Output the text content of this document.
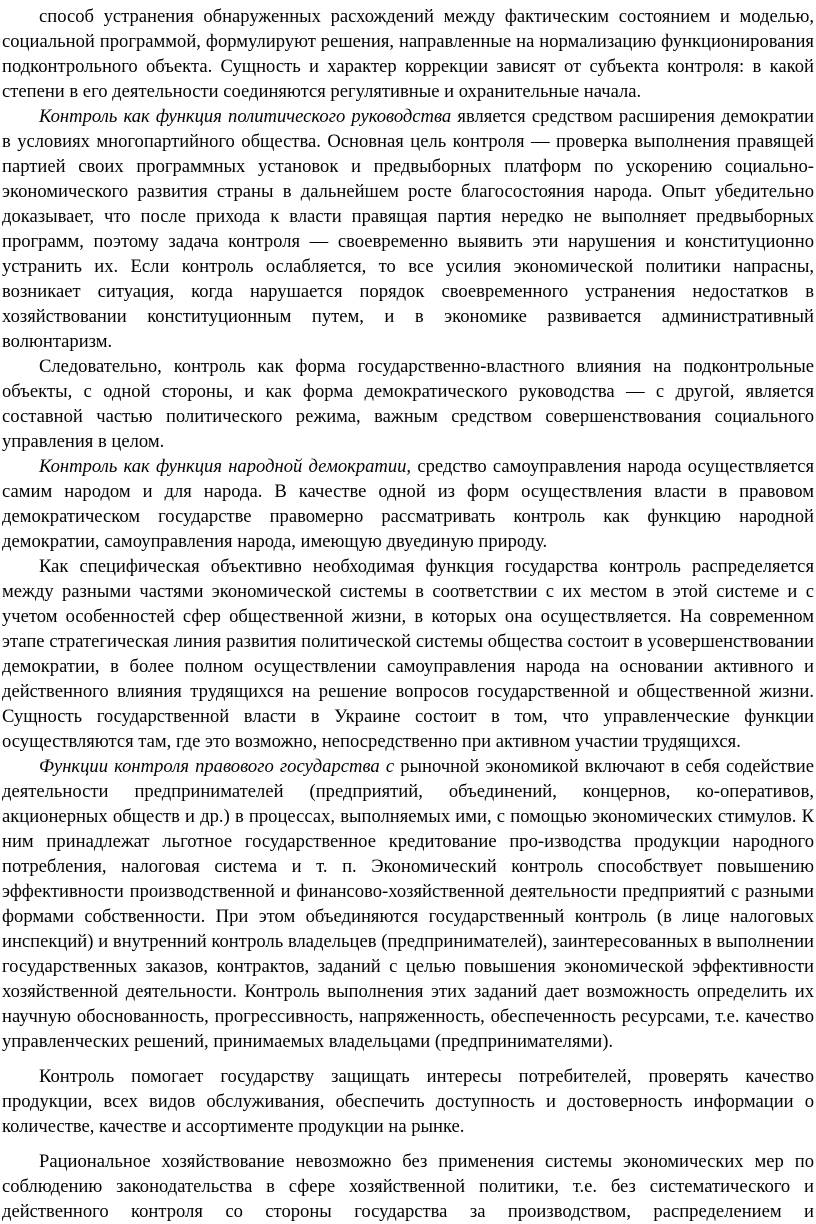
способ устранения обнаруженных расхождений между фактическим состоянием и моделью, социальной программой, формулируют решения, направленные на нормализацию функционирования подконтрольного объекта. Сущность и характер коррекции зависят от субъекта контроля: в какой степени в его деятельности соединяются регулятивные и охранительные начала.

Контроль как функция политического руководства является средством расширения демократии в условиях многопартийного общества. Основная цель контроля — проверка выполнения правящей партией своих программных установок и предвыборных платформ по ускорению социально-экономического развития страны в дальнейшем росте благосостояния народа. Опыт убедительно доказывает, что после прихода к власти правящая партия нередко не выполняет предвыборных программ, поэтому задача контроля — своевременно выявить эти нарушения и конституционно устранить их. Если контроль ослабляется, то все усилия экономической политики напрасны, возникает ситуация, когда нарушается порядок своевременного устранения недостатков в хозяйствовании конституционным путем, и в экономике развивается административный волюнтаризм.

Следовательно, контроль как форма государственно-властного влияния на подконтрольные объекты, с одной стороны, и как форма демократического руководства — с другой, является составной частью политического режима, важным средством совершенствования социального управления в целом.

Контроль как функция народной демократии, средство самоуправления народа осуществляется самим народом и для народа. В качестве одной из форм осуществления власти в правовом демократическом государстве правомерно рассматривать контроль как функцию народной демократии, самоуправления народа, имеющую двуединую природу.

Как специфическая объективно необходимая функция государства контроль распределяется между разными частями экономической системы в соответствии с их местом в этой системе и с учетом особенностей сфер общественной жизни, в которых она осуществляется. На современном этапе стратегическая линия развития политической системы общества состоит в усовершенствовании демократии, в более полном осуществлении самоуправления народа на основании активного и действенного влияния трудящихся на решение вопросов государственной и общественной жизни. Сущность государственной власти в Украине состоит в том, что управленческие функции осуществляются там, где это возможно, непосредственно при активном участии трудящихся.

Функции контроля правового государства с рыночной экономикой включают в себя содействие деятельности предпринимателей (предприятий, объединений, концернов, ко-оперативов, акционерных обществ и др.) в процессах, выполняемых ими, с помощью экономических стимулов. К ним принадлежат льготное государственное кредитование про-изводства продукции народного потребления, налоговая система и т. п. Экономический контроль способствует повышению эффективности производственной и финансово-хозяйственной деятельности предприятий с разными формами собственности. При этом объединяются государственный контроль (в лице налоговых инспекций) и внутренний контроль владельцев (предпринимателей), заинтересованных в выполнении государственных заказов, контрактов, заданий с целью повышения экономической эффективности хозяйственной деятельности. Контроль выполнения этих заданий дает возможность определить их научную обоснованность, прогрессивность, напряженность, обеспеченность ресурсами, т.е. качество управленческих решений, принимаемых владельцами (предпринимателями).

Контроль помогает государству защищать интересы потребителей, проверять качество продукции, всех видов обслуживания, обеспечить доступность и достоверность информации о количестве, качестве и ассортименте продукции на рынке.

Рациональное хозяйствование невозможно без применения системы экономических мер по соблюдению законодательства в сфере хозяйственной политики, т.е. без систематического и действенного контроля со стороны государства за производством, распределением и
